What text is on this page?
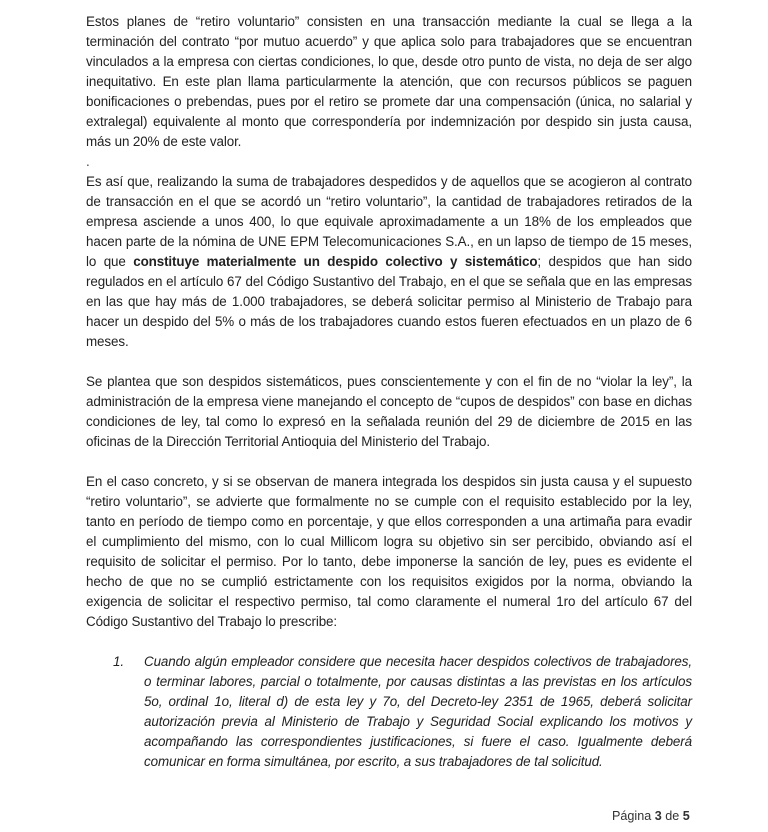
Estos planes de “retiro voluntario” consisten en una transacción mediante la cual se llega a la terminación del contrato “por mutuo acuerdo” y que aplica solo para trabajadores que se encuentran vinculados a la empresa con ciertas condiciones, lo que, desde otro punto de vista, no deja de ser algo inequitativo. En este plan llama particularmente la atención, que con recursos públicos se paguen bonificaciones o prebendas, pues por el retiro se promete dar una compensación (única, no salarial y extralegal) equivalente al monto que correspondería por indemnización por despido sin justa causa, más un 20% de este valor.

.

Es así que, realizando la suma de trabajadores despedidos y de aquellos que se acogieron al contrato de transacción en el que se acordó un “retiro voluntario”, la cantidad de trabajadores retirados de la empresa asciende a unos 400, lo que equivale aproximadamente a un 18% de los empleados que hacen parte de la nómina de UNE EPM Telecomunicaciones S.A., en un lapso de tiempo de 15 meses, lo que constituye materialmente un despido colectivo y sistemático; despidos que han sido regulados en el artículo 67 del Código Sustantivo del Trabajo, en el que se señala que en las empresas en las que hay más de 1.000 trabajadores, se deberá solicitar permiso al Ministerio de Trabajo para hacer un despido del 5% o más de los trabajadores cuando estos fueren efectuados en un plazo de 6 meses.

Se plantea que son despidos sistemáticos, pues conscientemente y con el fin de no “violar la ley”, la administración de la empresa viene manejando el concepto de “cupos de despidos” con base en dichas condiciones de ley, tal como lo expresó en la señalada reunión del 29 de diciembre de 2015 en las oficinas de la Dirección Territorial Antioquia del Ministerio del Trabajo.

En el caso concreto, y si se observan de manera integrada los despidos sin justa causa y el supuesto “retiro voluntario”, se advierte que formalmente no se cumple con el requisito establecido por la ley, tanto en período de tiempo como en porcentaje, y que ellos corresponden a una artimaña para evadir el cumplimiento del mismo, con lo cual Millicom logra su objetivo sin ser percibido, obviando así el requisito de solicitar el permiso. Por lo tanto, debe imponerse la sanción de ley, pues es evidente el hecho de que no se cumplió estrictamente con los requisitos exigidos por la norma, obviando la exigencia de solicitar el respectivo permiso, tal como claramente el numeral 1ro del artículo 67 del Código Sustantivo del Trabajo lo prescribe:

1. Cuando algún empleador considere que necesita hacer despidos colectivos de trabajadores, o terminar labores, parcial o totalmente, por causas distintas a las previstas en los artículos 5o, ordinal 1o, literal d) de esta ley y 7o, del Decreto-ley 2351 de 1965, deberá solicitar autorización previa al Ministerio de Trabajo y Seguridad Social explicando los motivos y acompañando las correspondientes justificaciones, si fuere el caso. Igualmente deberá comunicar en forma simultánea, por escrito, a sus trabajadores de tal solicitud.
Página 3 de 5
